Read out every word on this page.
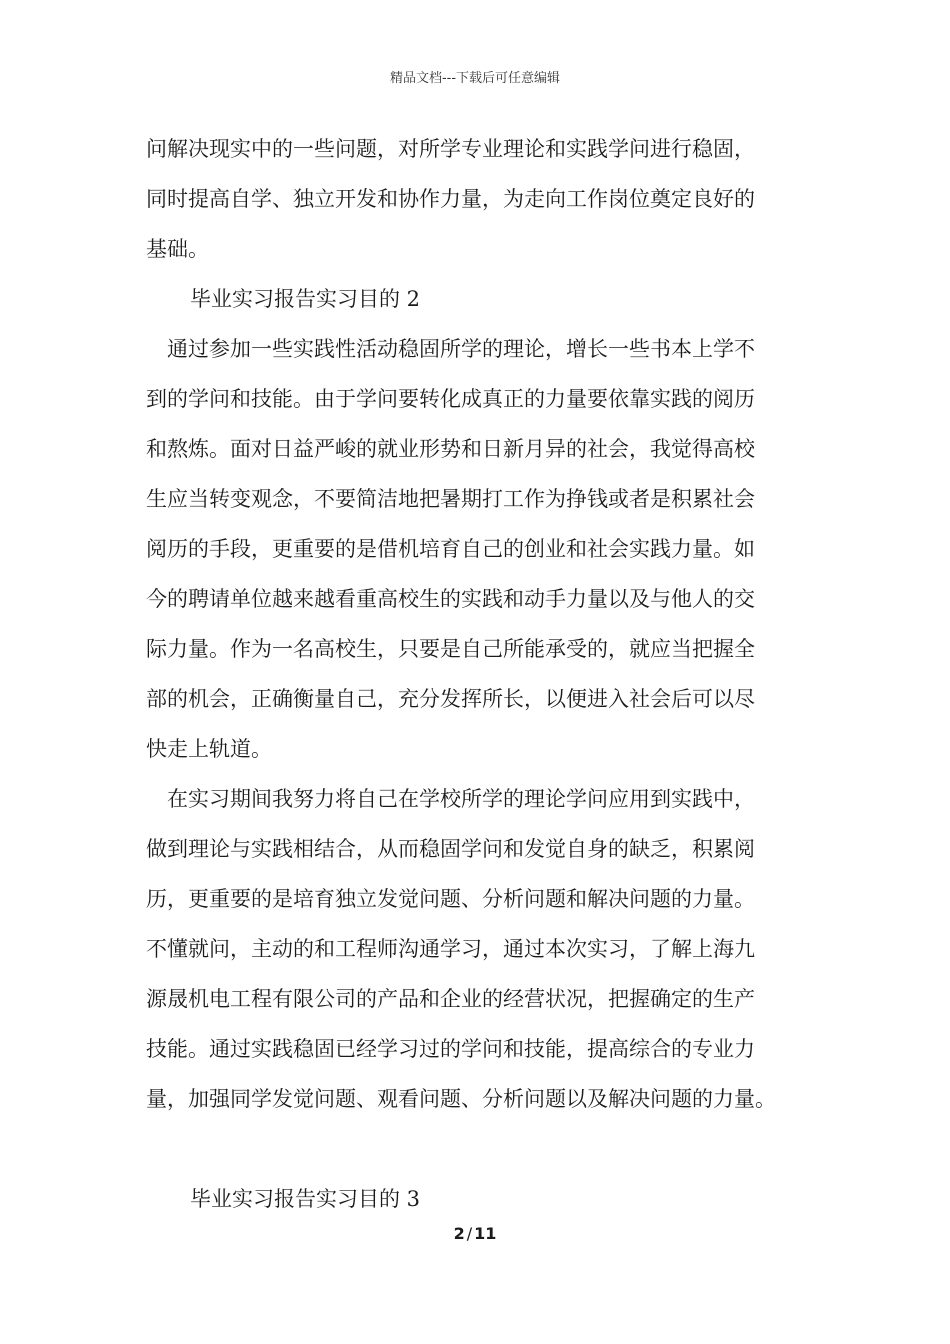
精品文档---下载后可任意编辑
问解决现实中的一些问题，对所学专业理论和实践学问进行稳固，
同时提高自学、独立开发和协作力量，为走向工作岗位奠定良好的
基础。
毕业实习报告实习目的 2
通过参加一些实践性活动稳固所学的理论，增长一些书本上学不
到的学问和技能。由于学问要转化成真正的力量要依靠实践的阅历
和熬炼。面对日益严峻的就业形势和日新月异的社会，我觉得高校
生应当转变观念，不要简洁地把暑期打工作为挣钱或者是积累社会
阅历的手段，更重要的是借机培育自己的创业和社会实践力量。如
今的聘请单位越来越看重高校生的实践和动手力量以及与他人的交
际力量。作为一名高校生，只要是自己所能承受的，就应当把握全
部的机会，正确衡量自己，充分发挥所长，以便进入社会后可以尽
快走上轨道。
在实习期间我努力将自己在学校所学的理论学问应用到实践中，
做到理论与实践相结合，从而稳固学问和发觉自身的缺乏，积累阅
历，更重要的是培育独立发觉问题、分析问题和解决问题的力量。
不懂就问，主动的和工程师沟通学习，通过本次实习，了解上海九
源晟机电工程有限公司的产品和企业的经营状况，把握确定的生产
技能。通过实践稳固已经学习过的学问和技能，提高综合的专业力
量，加强同学发觉问题、观看问题、分析问题以及解决问题的力量。
毕业实习报告实习目的 3
2 / 11
